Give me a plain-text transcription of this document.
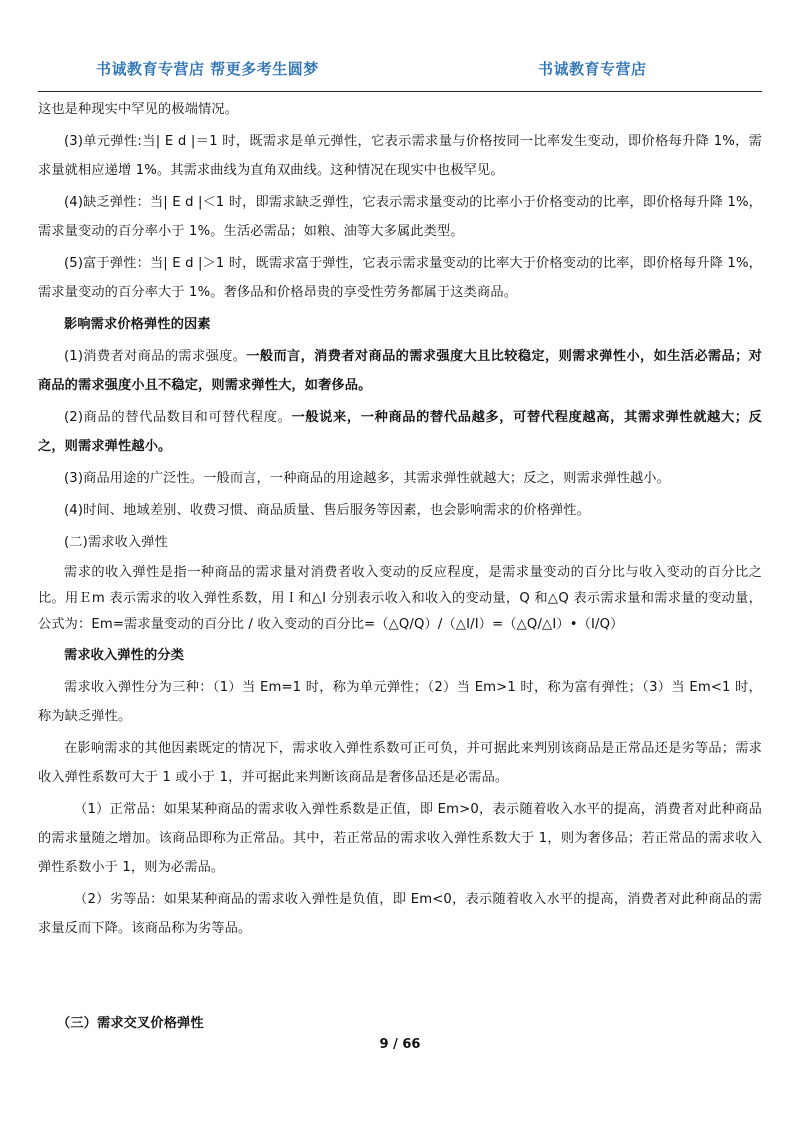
书诚教育专营店 帮更多考生圆梦	书诚教育专营店

这也是种现实中罕见的极端情况。

(3)单元弹性:当| E d |＝1 时，既需求是单元弹性，它表示需求量与价格按同一比率发生变动，即价格每升降 1%，需求量就相应递增 1%。其需求曲线为直角双曲线。这种情况在现实中也极罕见。

(4)缺乏弹性：当| E d |＜1 时，即需求缺乏弹性，它表示需求量变动的比率小于价格变动的比率，即价格每升降 1%，需求量变动的百分率小于 1%。生活必需品；如粮、油等大多属此类型。

(5)富于弹性：当| E d |＞1 时，既需求富于弹性，它表示需求量变动的比率大于价格变动的比率，即价格每升降 1%，需求量变动的百分率大于 1%。奢侈品和价格昂贵的享受性劳务都属于这类商品。

影响需求价格弹性的因素

(1)消费者对商品的需求强度。一般而言，消费者对商品的需求强度大且比较稳定，则需求弹性小，如生活必需品；对商品的需求强度小且不稳定，则需求弹性大，如奢侈品。

(2)商品的替代品数目和可替代程度。一般说来，一种商品的替代品越多，可替代程度越高，其需求弹性就越大；反之，则需求弹性越小。

(3)商品用途的广泛性。一般而言，一种商品的用途越多，其需求弹性就越大；反之，则需求弹性越小。

(4)时间、地域差别、收费习惯、商品质量、售后服务等因素，也会影响需求的价格弹性。

(二)需求收入弹性

需求的收入弹性是指一种商品的需求量对消费者收入变动的反应程度，是需求量变动的百分比与收入变动的百分比之比。用Ｅm 表示需求的收入弹性系数，用Ｉ和△I 分别表示收入和收入的变动量，Q 和△Q 表示需求量和需求量的变动量，公式为：Em=需求量变动的百分比 / 收入变动的百分比=（△Q/Q）/（△I/I）=（△Q/△I）•（I/Q）

需求收入弹性的分类

需求收入弹性分为三种：（1）当 Em=1 时，称为单元弹性；（2）当 Em>1 时，称为富有弹性；（3）当 Em<1 时，称为缺乏弹性。

在影响需求的其他因素既定的情况下，需求收入弹性系数可正可负，并可据此来判别该商品是正常品还是劣等品；需求收入弹性系数可大于 1 或小于 1，并可据此来判断该商品是奢侈品还是必需品。

（1）正常品：如果某种商品的需求收入弹性系数是正值，即 Em>0，表示随着收入水平的提高，消费者对此种商品的需求量随之增加。该商品即称为正常品。其中，若正常品的需求收入弹性系数大于 1，则为奢侈品；若正常品的需求收入弹性系数小于 1，则为必需品。

（2）劣等品：如果某种商品的需求收入弹性是负值，即 Em<0，表示随着收入水平的提高，消费者对此种商品的需求量反而下降。该商品称为劣等品。

（三）需求交叉价格弹性

9 / 66
